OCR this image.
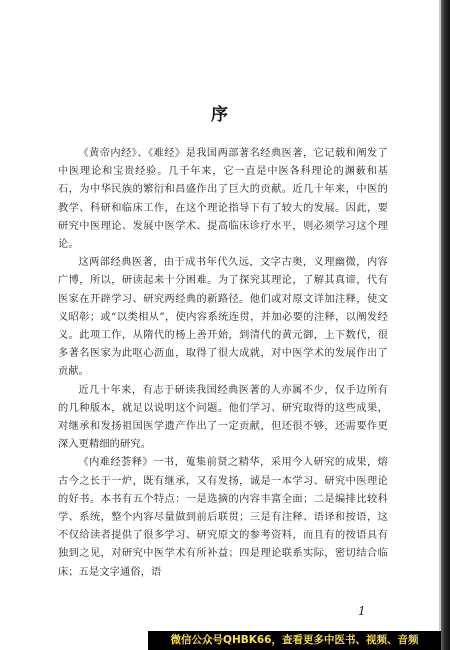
序

《黄帝内经》、《难经》是我国两部著名经典医著，它记载和阐发了中医理论和宝贵经验。几千年来，它一直是中医各科理论的渊薮和基石，为中华民族的繁衍和昌盛作出了巨大的贡献。近几十年来，中医的教学、科研和临床工作，在这个理论指导下有了较大的发展。因此，要研究中医理论、发展中医学术、提高临床诊疗水平，则必须学习这个理论。

这两部经典医著，由于成书年代久远，文字古奥，义理幽微，内容广博，所以，研读起来十分困难。为了探究其理论，了解其真谛，代有医家在开辟学习、研究两经典的新路径。他们或对原文详加注释，使文义昭彰；或“以类相从”，使内容系统连贯，并加必要的注释，以阐发经义。此项工作，从隋代的杨上善开始，到清代的黄元御，上下数代，很多著名医家为此呕心沥血，取得了很大成就，对中医学术的发展作出了贡献。

近几十年来，有志于研读我国经典医著的人亦属不少，仅手边所有的几种版本，就足以说明这个问题。他们学习、研究取得的这些成果，对继承和发扬祖国医学遗产作出了一定贡献，但还很不够，还需要作更深入更精细的研究。

《内难经荟释》一书，蒐集前贤之精华，采用今人研究的成果，熔古今之长于一炉，既有继承，又有发扬，诚是一本学习、研究中医理论的好书。本书有五个特点：一是选摘的内容丰富全面；二是编排比较科学、系统，整个内容尽量做到前后联贯；三是有注释、语译和按语，这不仅给读者提供了很多学习、研究原文的参考资料，而且有的按语具有独到之见，对研究中医学术有所补益；四是理论联系实际，密切结合临床；五是文字通俗，语

1
微信公众号QHBK66，查看更多中医书、视频、音频
